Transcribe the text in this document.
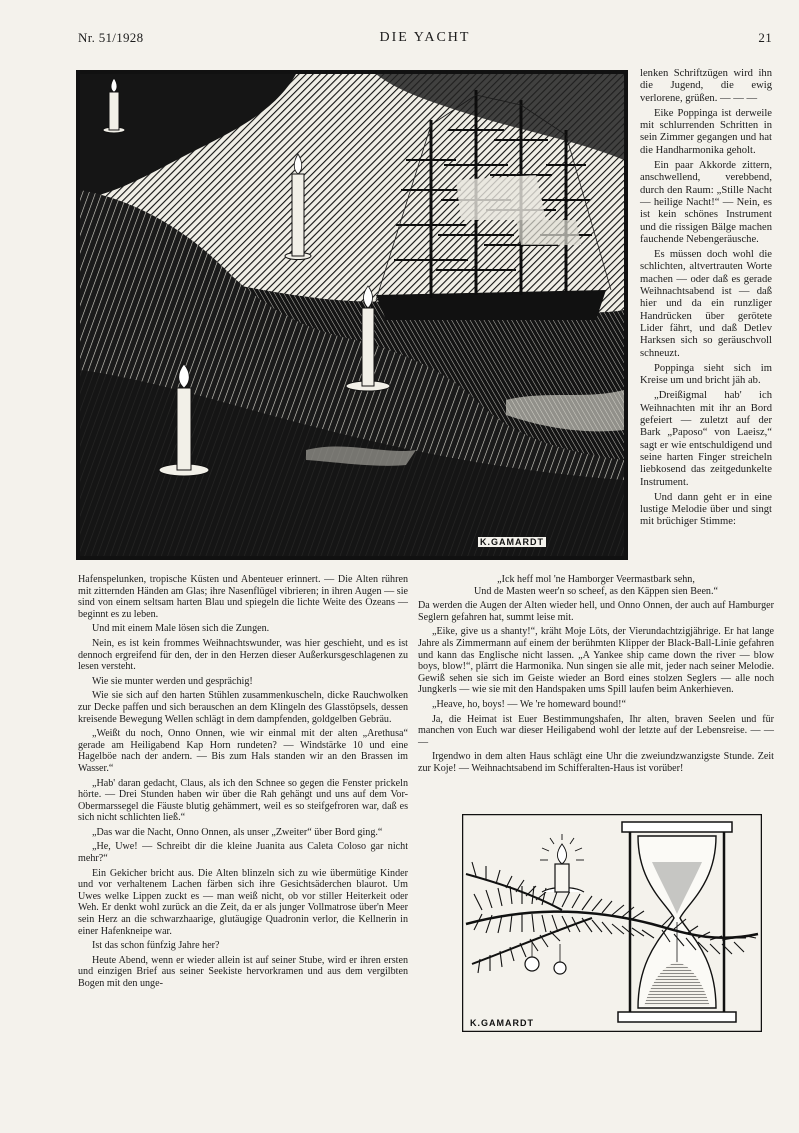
Nr. 51/1928	DIE YACHT	21
K.GAMARDT

lenken Schriftzügen wird ihn die Jugend, die ewig verlorene, grüßen. — — —

Eike Poppinga ist derweile mit schlurrenden Schritten in sein Zimmer gegangen und hat die Handharmonika geholt.

Ein paar Akkorde zittern, anschwellend, verebbend, durch den Raum: „Stille Nacht — heilige Nacht!“ — Nein, es ist kein schönes Instrument und die rissigen Bälge machen fauchende Nebengeräusche.

Es müssen doch wohl die schlichten, altvertrauten Worte machen — oder daß es gerade Weihnachtsabend ist — daß hier und da ein runzliger Handrücken über gerötete Lider fährt, und daß Detlev Harksen sich so geräuschvoll schneuzt.

Poppinga sieht sich im Kreise um und bricht jäh ab.

„Dreißigmal hab' ich Weihnachten mit ihr an Bord gefeiert — zuletzt auf der Bark „Paposo“ von Laeisz,“ sagt er wie entschuldigend und seine harten Finger streicheln liebkosend das zeitgedunkelte Instrument.

Und dann geht er in eine lustige Melodie über und singt mit brüchiger Stimme:

Hafenspelunken, tropische Küsten und Abenteuer erinnert. — Die Alten rühren mit zitternden Händen am Glas; ihre Nasenflügel vibrieren; in ihren Augen — sie sind von einem seltsam harten Blau und spiegeln die lichte Weite des Ozeans — beginnt es zu leben.

Und mit einem Male lösen sich die Zungen.

Nein, es ist kein frommes Weihnachtswunder, was hier geschieht, und es ist dennoch ergreifend für den, der in den Herzen dieser Außerkursgeschlagenen zu lesen versteht.

Wie sie munter werden und gesprächig!

Wie sie sich auf den harten Stühlen zusammenkuscheln, dicke Rauchwolken zur Decke paffen und sich berauschen an dem Klingeln des Glasstöpsels, dessen kreisende Bewegung Wellen schlägt in dem dampfenden, goldgelben Gebräu.

„Weißt du noch, Onno Onnen, wie wir einmal mit der alten „Arethusa“ gerade am Heiligabend Kap Horn rundeten? — Windstärke 10 und eine Hagelböe nach der andern. — Bis zum Hals standen wir an den Brassen im Wasser.“

„Hab' daran gedacht, Claus, als ich den Schnee so gegen die Fenster prickeln hörte. — Drei Stunden haben wir über die Rah gehängt und uns auf dem Vor-Obermarssegel die Fäuste blutig gehämmert, weil es so steifgefroren war, daß es sich nicht schlichten ließ.“

„Das war die Nacht, Onno Onnen, als unser „Zweiter“ über Bord ging.“

„He, Uwe! — Schreibt dir die kleine Juanita aus Caleta Coloso gar nicht mehr?“

Ein Gekicher bricht aus. Die Alten blinzeln sich zu wie übermütige Kinder und vor verhaltenem Lachen färben sich ihre Gesichtsäderchen blaurot. Um Uwes welke Lippen zuckt es — man weiß nicht, ob vor stiller Heiterkeit oder Weh. Er denkt wohl zurück an die Zeit, da er als junger Vollmatrose über'n Meer sein Herz an die schwarzhaarige, glutäugige Quadronin verlor, die Kellnerin in einer Hafenkneipe war.

Ist das schon fünfzig Jahre her?

Heute Abend, wenn er wieder allein ist auf seiner Stube, wird er ihren ersten und einzigen Brief aus seiner Seekiste hervorkramen und aus dem vergilbten Bogen mit den unge-

„Ick heff mol 'ne Hamborger Veermastbark sehn,

Und de Masten weer'n so scheef, as den Käppen sien Been.“

Da werden die Augen der Alten wieder hell, und Onno Onnen, der auch auf Hamburger Seglern gefahren hat, summt leise mit.

„Eike, give us a shanty!“, kräht Moje Löts, der Vierundachtzigjährige. Er hat lange Jahre als Zimmermann auf einem der berühmten Klipper der Black-Ball-Linie gefahren und kann das Englische nicht lassen. „A Yankee ship came down the river — blow boys, blow!“, plärrt die Harmonika. Nun singen sie alle mit, jeder nach seiner Melodie. Gewiß sehen sie sich im Geiste wieder an Bord eines stolzen Seglers — alle noch Jungkerls — wie sie mit den Handspaken ums Spill laufen beim Ankerhieven.

„Heave, ho, boys! — We 're homeward bound!“

Ja, die Heimat ist Euer Bestimmungshafen, Ihr alten, braven Seelen und für manchen von Euch war dieser Heiligabend wohl der letzte auf der Lebensreise. — — —

Irgendwo in dem alten Haus schlägt eine Uhr die zweiundzwanzigste Stunde. Zeit zur Koje! — Weihnachtsabend im Schifferalten-Haus ist vorüber!

K.GAMARDT
